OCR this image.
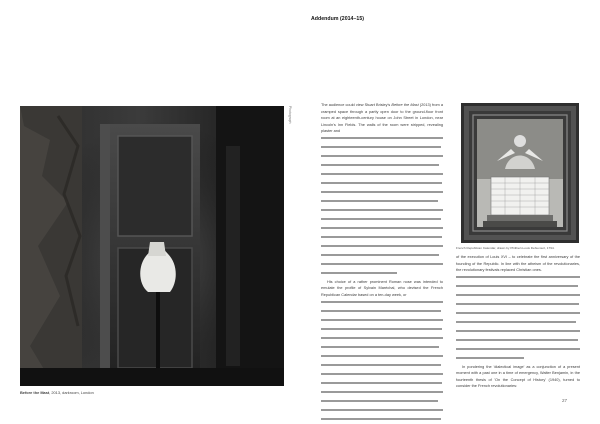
Addendum (2014–15)
Photograph
Before the Mast, 2013, darkroom, London

The audience could view Stuart Brisley's Before the Mast (2013) from a cramped space through a partly open door to the ground-floor front room at an eighteenth-century house on John Street in London, near Lincoln's Inn Fields. The walls of the room were stripped, revealing plaster and

His choice of a rather prominent Roman nose was intended to emulate the profile of Sylvain Maréchal, who devised the French Republican Calendar based on a ten-day week, or

French Republican Calendar, drawn by Philibert-Louis Debucourt, 1794.

of the execution of Louis XVI – to celebrate the first anniversary of the founding of the Republic. In line with the atheism of the revolutionaries, the revolutionary festivals replaced Christian ones.

In pondering the 'dialectical image' as a conjunction of a present moment with a past one in a time of emergency, Walter Benjamin, in the fourteenth thesis of 'On the Concept of History' (1940), turned to consider the French revolutionaries:

27
